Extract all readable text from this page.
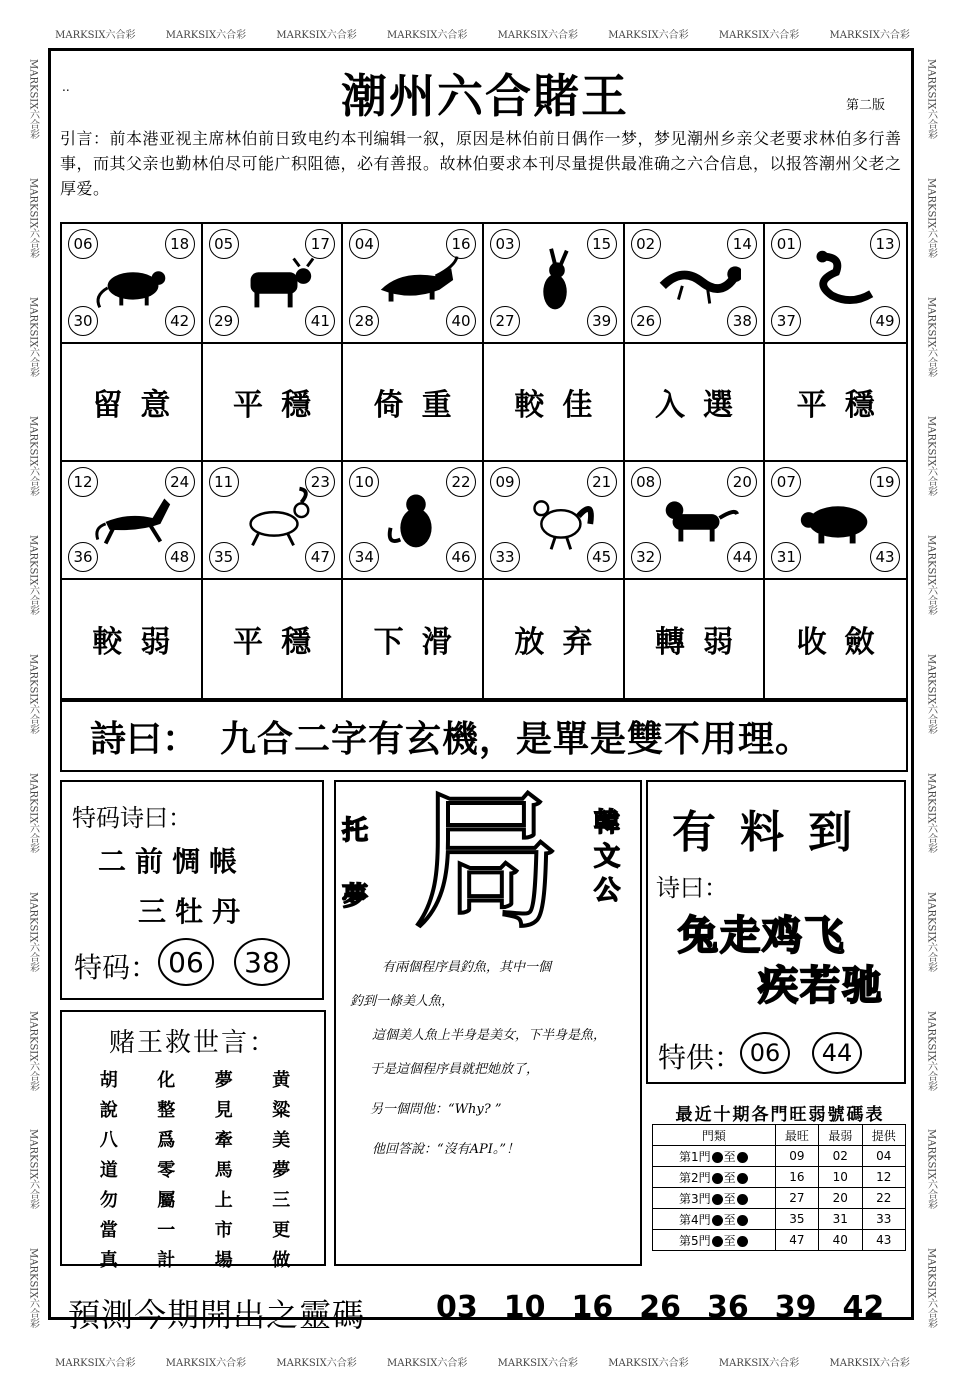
MARKSIX六合彩	MARKSIX六合彩	MARKSIX六合彩	MARKSIX六合彩	MARKSIX六合彩	MARKSIX六合彩	MARKSIX六合彩	MARKSIX六合彩
MARKSIX六合彩	MARKSIX六合彩	MARKSIX六合彩	MARKSIX六合彩	MARKSIX六合彩	MARKSIX六合彩	MARKSIX六合彩	MARKSIX六合彩
MARKSIX六合彩
MARKSIX六合彩
MARKSIX六合彩
MARKSIX六合彩
MARKSIX六合彩
MARKSIX六合彩
MARKSIX六合彩
MARKSIX六合彩
MARKSIX六合彩
MARKSIX六合彩
MARKSIX六合彩
MARKSIX六合彩
MARKSIX六合彩
MARKSIX六合彩
MARKSIX六合彩
MARKSIX六合彩
MARKSIX六合彩
MARKSIX六合彩
MARKSIX六合彩
MARKSIX六合彩
MARKSIX六合彩
MARKSIX六合彩
..	潮州六合賭王	第二版
引言：前本港亚视主席林伯前日致电约本刊编辑一叙，原因是林伯前日偶作一梦，梦见潮州乡亲父老要求林伯多行善事，而其父亲也勤林伯尽可能广积阻德，必有善报。故林伯要求本刊尽量提供最准确之六合信息，以报答潮州父老之厚爱。
06	18
30	42
05	17
29	41
04	16
28	40
03	15
27	39
02	14
26	38
01	13
37	49
留意	平穩	倚重	較佳	入選	平穩
12	24
36	48
11	23
35	47
10	22
34	46
09	21
33	45
08	20
32	44
07	19
31	43
較弱	平穩	下滑	放弃	轉弱	收斂
詩曰： 九合二字有玄機，是單是雙不用理。
特码诗曰：
二前惆帳
三牡丹
特码： 06	38
赌王救世言：
胡	化	夢	黄
說	整	見	粱
八	爲	牽	美
道	零	馬	夢
勿	屬	上	三
當	一	市	更
真	計	場	做
局
托
夢
韓
文
公
有兩個程序員釣魚，其中一個
釣到一條美人魚，
這個美人魚上半身是美女，下半身是魚，
于是這個程序員就把她放了，
另一個問他：“Why? ”
他回答說：“沒有API。”！
有料到
诗曰：
兔走鸡飞
疾若驰
特供： 06	44
最近十期各門旺弱號碼表
門類	最旺	最弱	提供
第1門 至	09	02	04
第2門 至	16	10	12
第3門 至	27	20	22
第4門 至	35	31	33
第5門 至	47	40	43
預測今期開出之靈碼 03 10 16 26 36 39 42
